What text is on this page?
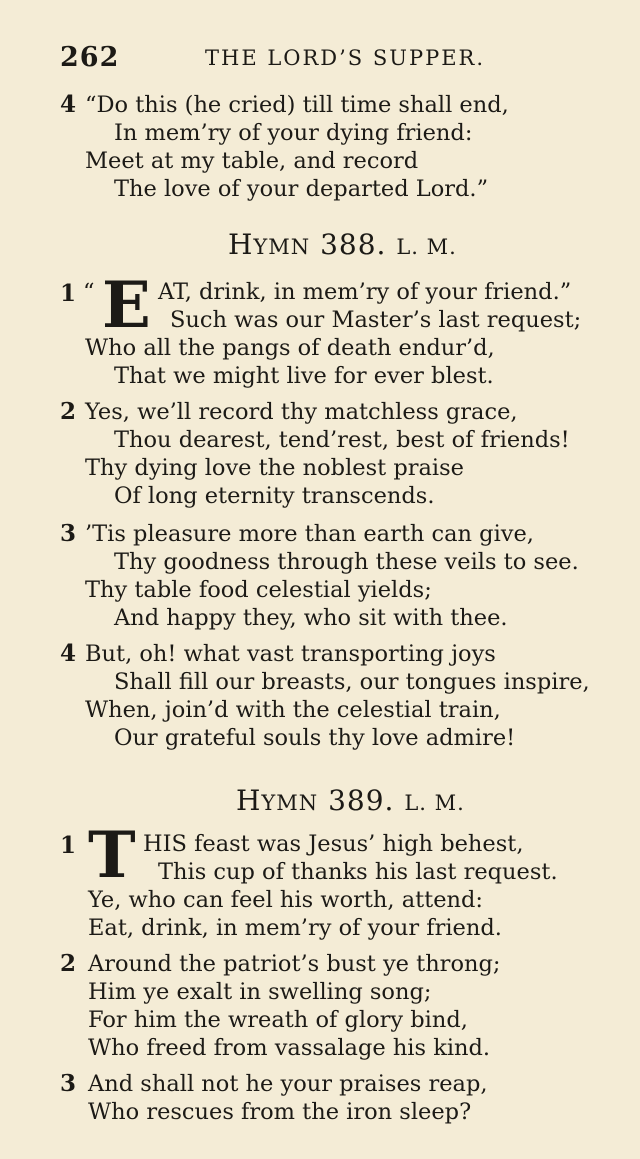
262	THE LORD’S SUPPER.
4 “Do this (he cried) till time shall end,
In mem’ry of your dying friend:
Meet at my table, and record
The love of your departed Lord.”
HYMN 388. L. M.
1 “ E AT, drink, in mem’ry of your friend.”
Such was our Master’s last request;
Who all the pangs of death endur’d,
That we might live for ever blest.
2 Yes, we’ll record thy matchless grace,
Thou dearest, tend’rest, best of friends!
Thy dying love the noblest praise
Of long eternity transcends.
3 ’Tis pleasure more than earth can give,
Thy goodness through these veils to see.
Thy table food celestial yields;
And happy they, who sit with thee.
4 But, oh! what vast transporting joys
Shall fill our breasts, our tongues inspire,
When, join’d with the celestial train,
Our grateful souls thy love admire!
HYMN 389. L. M.
1 T HIS feast was Jesus’ high behest,
This cup of thanks his last request.
Ye, who can feel his worth, attend:
Eat, drink, in mem’ry of your friend.
2 Around the patriot’s bust ye throng;
Him ye exalt in swelling song;
For him the wreath of glory bind,
Who freed from vassalage his kind.
3 And shall not he your praises reap,
Who rescues from the iron sleep?
